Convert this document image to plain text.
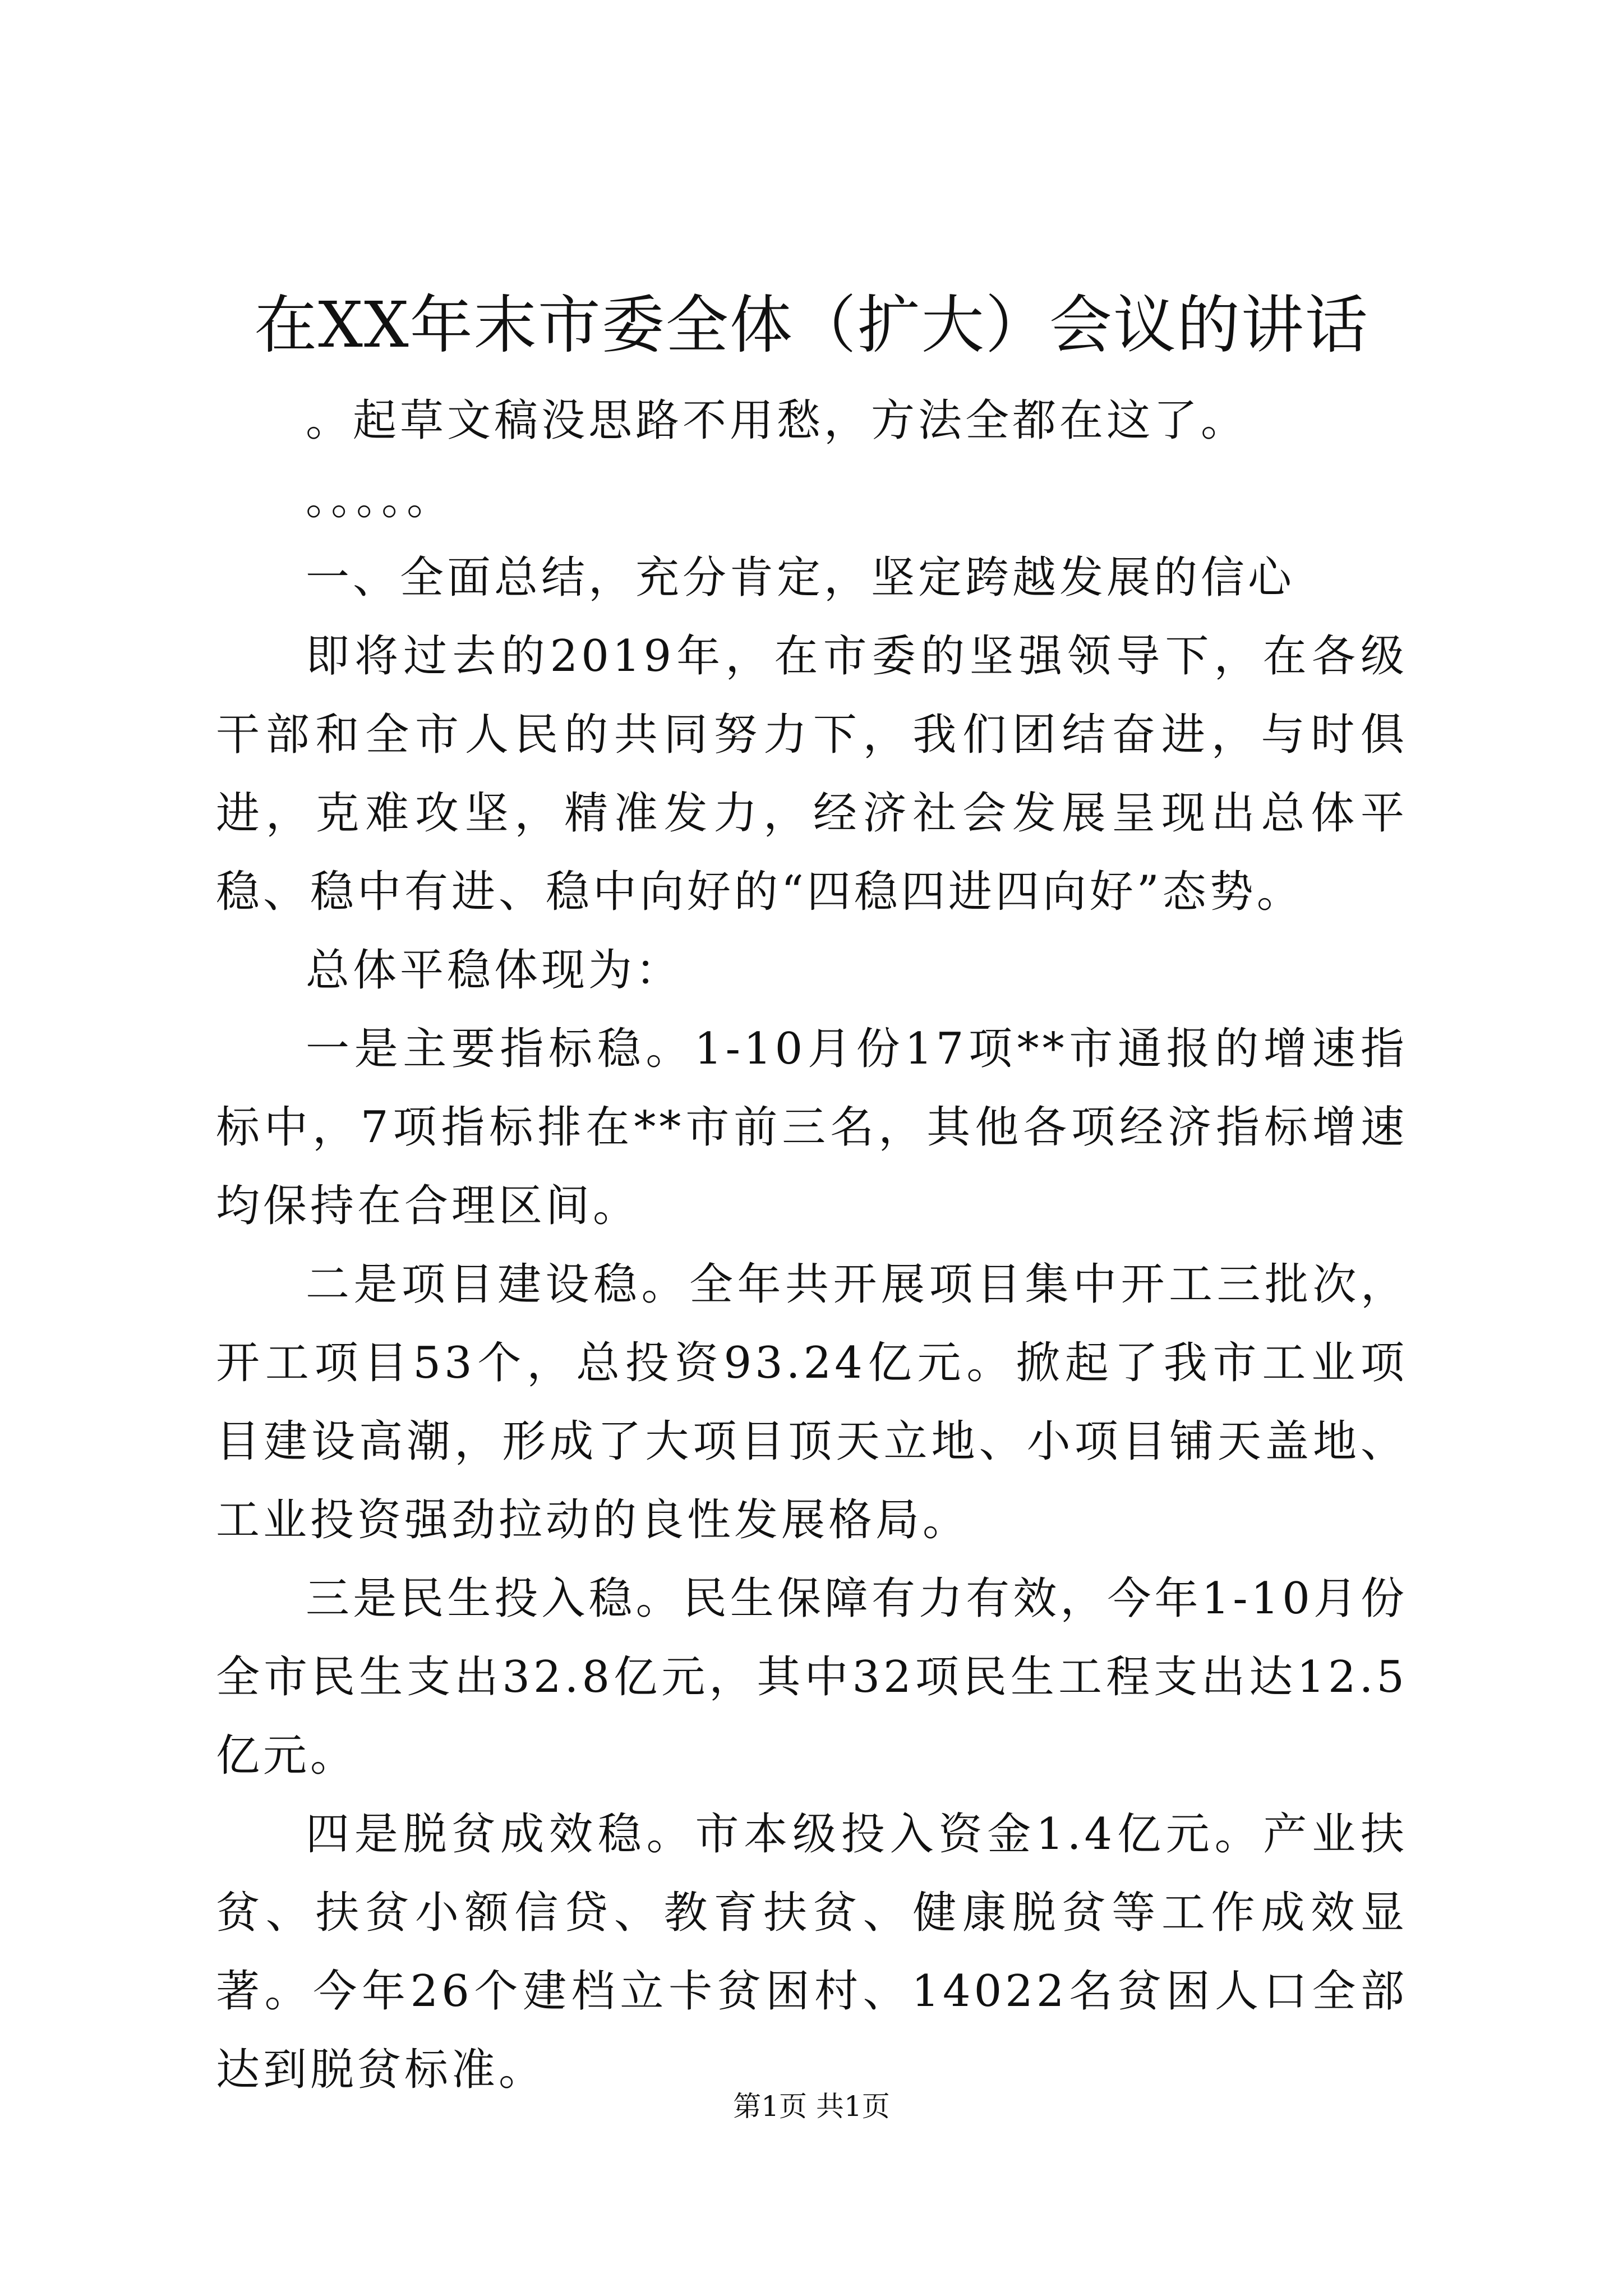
在XX年末市委全体（扩大）会议的讲话

。起草文稿没思路不用愁，方法全都在这了。

。。。。。

一、全面总结，充分肯定，坚定跨越发展的信心

即将过去的2019年，在市委的坚强领导下，在各级干部和全市人民的共同努力下，我们团结奋进，与时俱进，克难攻坚，精准发力，经济社会发展呈现出总体平稳、稳中有进、稳中向好的“四稳四进四向好”态势。

总体平稳体现为：

一是主要指标稳。1-10月份17项**市通报的增速指标中，7项指标排在**市前三名，其他各项经济指标增速均保持在合理区间。

二是项目建设稳。全年共开展项目集中开工三批次，开工项目53个，总投资93.24亿元。掀起了我市工业项目建设高潮，形成了大项目顶天立地、小项目铺天盖地、工业投资强劲拉动的良性发展格局。

三是民生投入稳。民生保障有力有效，今年1-10月份全市民生支出32.8亿元，其中32项民生工程支出达12.5亿元。

四是脱贫成效稳。市本级投入资金1.4亿元。产业扶贫、扶贫小额信贷、教育扶贫、健康脱贫等工作成效显著。今年26个建档立卡贫困村、14022名贫困人口全部达到脱贫标准。

第1页 共1页
